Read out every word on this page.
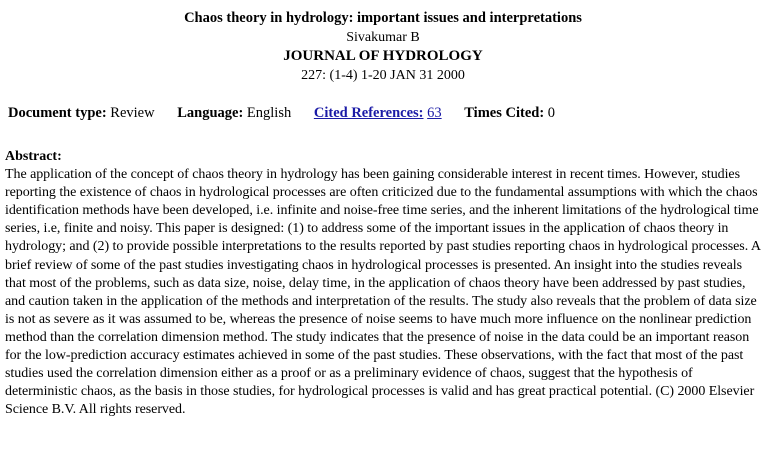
Chaos theory in hydrology: important issues and interpretations
Sivakumar B
JOURNAL OF HYDROLOGY
227: (1-4) 1-20 JAN 31 2000
Document type: Review Language: English Cited References: 63 Times Cited: 0
Abstract:
The application of the concept of chaos theory in hydrology has been gaining considerable interest in recent times. However, studies reporting the existence of chaos in hydrological processes are often criticized due to the fundamental assumptions with which the chaos identification methods have been developed, i.e. infinite and noise-free time series, and the inherent limitations of the hydrological time series, i.e, finite and noisy. This paper is designed: (1) to address some of the important issues in the application of chaos theory in hydrology; and (2) to provide possible interpretations to the results reported by past studies reporting chaos in hydrological processes. A brief review of some of the past studies investigating chaos in hydrological processes is presented. An insight into the studies reveals that most of the problems, such as data size, noise, delay time, in the application of chaos theory have been addressed by past studies, and caution taken in the application of the methods and interpretation of the results. The study also reveals that the problem of data size is not as severe as it was assumed to be, whereas the presence of noise seems to have much more influence on the nonlinear prediction method than the correlation dimension method. The study indicates that the presence of noise in the data could be an important reason for the low-prediction accuracy estimates achieved in some of the past studies. These observations, with the fact that most of the past studies used the correlation dimension either as a proof or as a preliminary evidence of chaos, suggest that the hypothesis of deterministic chaos, as the basis in those studies, for hydrological processes is valid and has great practical potential. (C) 2000 Elsevier Science B.V. All rights reserved.
